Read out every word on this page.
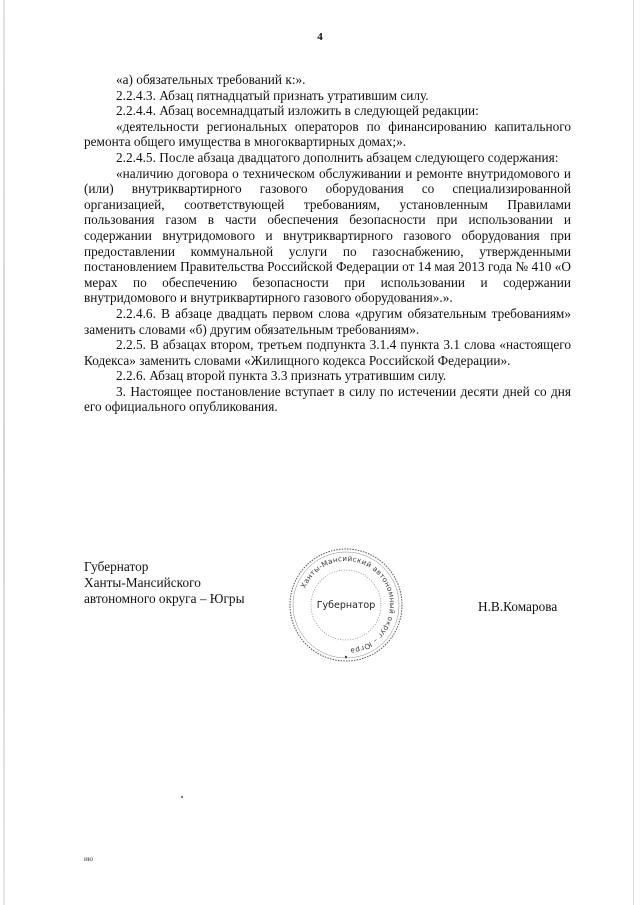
4

«а) обязательных требований к:».

2.2.4.3. Абзац пятнадцатый признать утратившим силу.

2.2.4.4. Абзац восемнадцатый изложить в следующей редакции:

«деятельности региональных операторов по финансированию капитального ремонта общего имущества в многоквартирных домах;».

2.2.4.5. После абзаца двадцатого дополнить абзацем следующего содержания:

«наличию договора о техническом обслуживании и ремонте внутридомового и (или) внутриквартирного газового оборудования со специализированной организацией, соответствующей требованиям, установленным Правилами пользования газом в части обеспечения безопасности при использовании и содержании внутридомового и внутриквартирного газового оборудования при предоставлении коммунальной услуги по газоснабжению, утвержденными постановлением Правительства Российской Федерации от 14 мая 2013 года № 410 «О мерах по обеспечению безопасности при использовании и содержании внутридомового и внутриквартирного газового оборудования».».

2.2.4.6. В абзаце двадцать первом слова «другим обязательным требованиям» заменить словами «б) другим обязательным требованиям».

2.2.5. В абзацах втором, третьем подпункта 3.1.4 пункта 3.1 слова «настоящего Кодекса» заменить словами «Жилищного кодекса Российской Федерации».

2.2.6. Абзац второй пункта 3.3 признать утратившим силу.

3. Настоящее постановление вступает в силу по истечении десяти дней со дня его официального опубликования.

Губернатор
Ханты-Мансийского
автономного округа – Югры
Ханты-Мансийский автономный округ – Югра
Губернатор	Н.В.Комарова
ию
